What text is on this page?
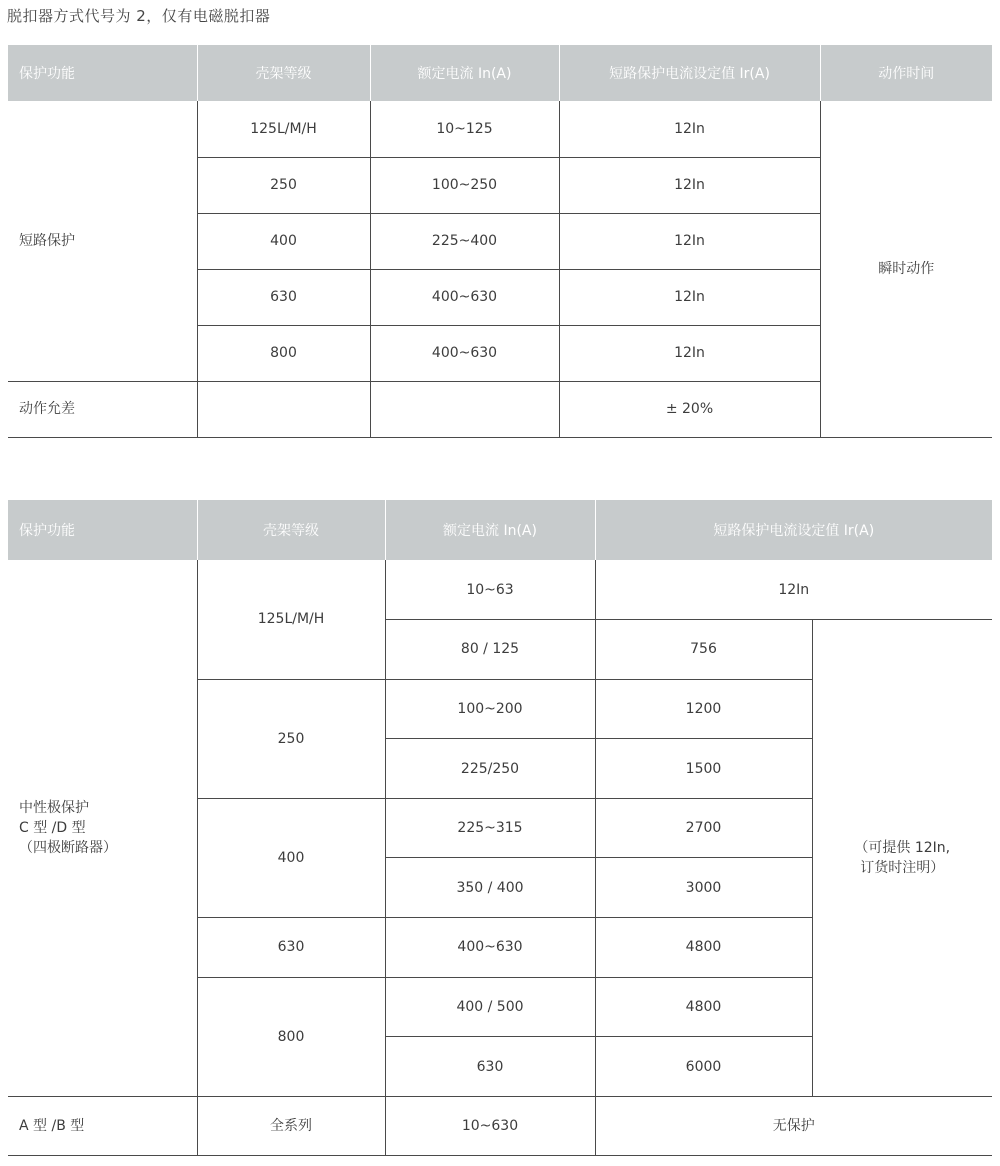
脱扣器方式代号为 2，仅有电磁脱扣器
保护功能	壳架等级	额定电流 In(A)	短路保护电流设定值 Ir(A)	动作时间
短路保护	125L/M/H	10~125	12In	瞬时动作
	250	100~250	12In	
	400	225~400	12In	
	630	400~630	12In	
	800	400~630	12In	
动作允差			± 20%	
保护功能	壳架等级	额定电流 In(A)	短路保护电流设定值 Ir(A)	

中性极保护
C 型 /D 型
（四极断路器）	125L/M/H	10~63	12In	
		80 / 125	756	（可提供 12In,
订货时注明）

	250	100~200	1200	
		225/250	1500	
	400	225~315	2700	
		350 / 400	3000	
	630	400~630	4800	
	800	400 / 500	4800	
		630	6000	
A 型 /B 型	全系列	10~630	无保护	
